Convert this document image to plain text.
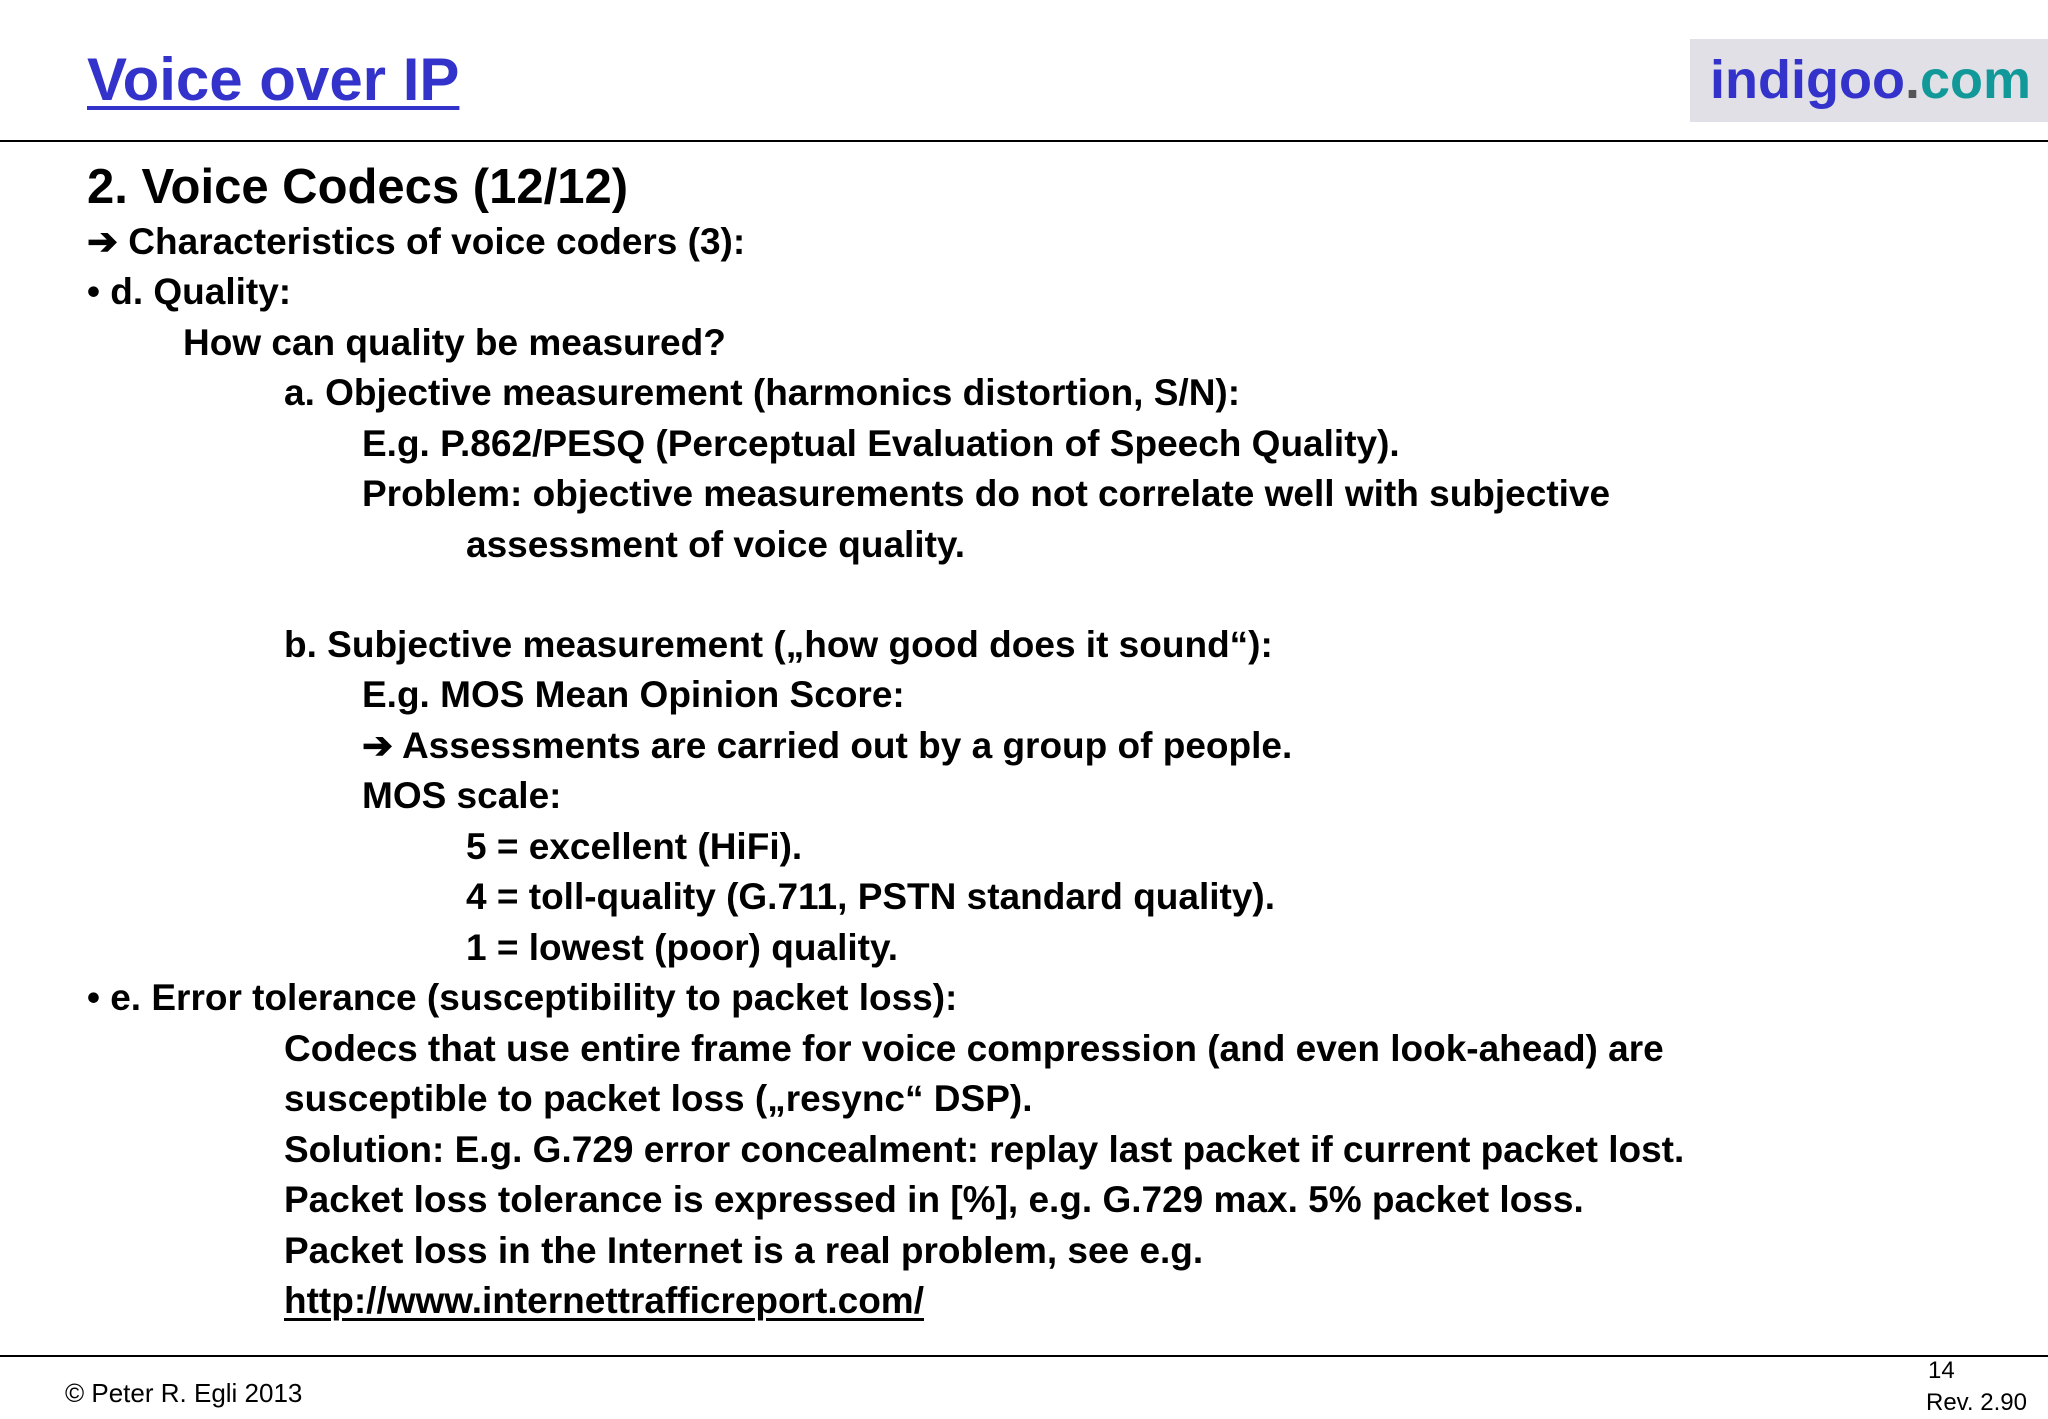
Voice over IP	indigoo.com
2. Voice Codecs (12/12)
➔ Characteristics of voice coders (3):
• d. Quality:
How can quality be measured?
a. Objective measurement (harmonics distortion, S/N):
E.g. P.862/PESQ (Perceptual Evaluation of Speech Quality).
Problem: objective measurements do not correlate well with subjective
assessment of voice quality.
b. Subjective measurement („how good does it sound“):
E.g. MOS Mean Opinion Score:
➔ Assessments are carried out by a group of people.
MOS scale:
5 = excellent (HiFi).
4 = toll-quality (G.711, PSTN standard quality).
1 = lowest (poor) quality.
• e. Error tolerance (susceptibility to packet loss):
Codecs that use entire frame for voice compression (and even look-ahead) are
susceptible to packet loss („resync“ DSP).
Solution: E.g. G.729 error concealment: replay last packet if current packet lost.
Packet loss tolerance is expressed in [%], e.g. G.729 max. 5% packet loss.
Packet loss in the Internet is a real problem, see e.g.
http://www.internettrafficreport.com/
© Peter R. Egli 2013
14
Rev. 2.90
